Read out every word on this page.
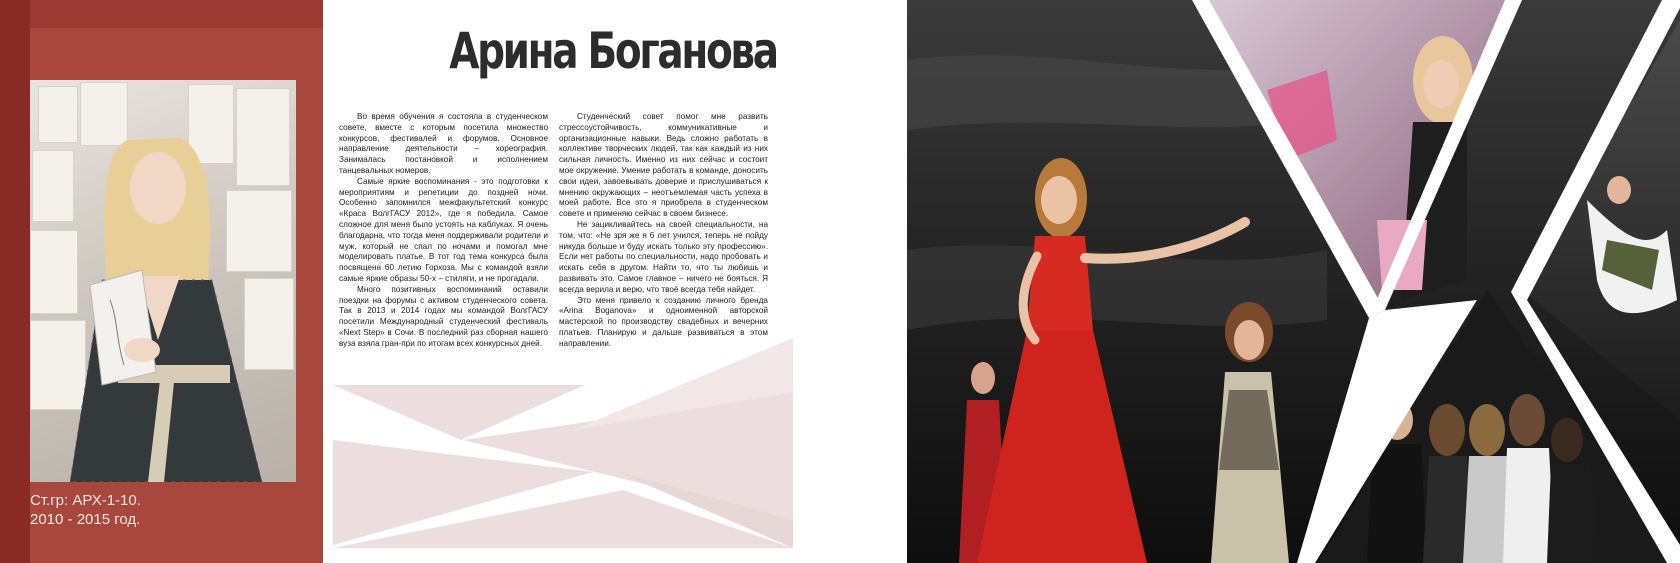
Ст.гр: АРХ-1-10.
2010 - 2015 год.
Арина Боганова

Во время обучения я состояла в студенческом совете, вместе с которым посетила множество конкурсов, фестивалей и форумов. Основное направление деятельности – хореография. Занималась постановкой и исполнением танцевальных номеров.

Самые яркие воспоминания - это подготовки к мероприятиям и репетиции до поздней ночи. Особенно запомнился межфакультетский конкурс «Краса ВолгГАСУ 2012», где я победила. Самое сложное для меня было устоять на каблуках. Я очень благодарна, что тогда меня поддерживали родители и муж, который не спал по ночами и помогал мне моделировать платье. В тот год тема конкурса была посвящена 60 летию Горхоза. Мы с командой взяли самые яркие образы 50-х – стиляги, и не прогадали.

Много позитивных воспоминаний оставили поездки на форумы с активом студенческого совета. Так в 2013 и 2014 годах мы командой ВолгГАСУ посетили Международный студенческий фестиваль «Next Step» в Сочи. В последний раз сборная нашего вуза взяла гран-при по итогам всех конкурсных дней.

Студенческий совет помог мне развить стрессоустойчивость, коммуникативные и организационные навыки. Ведь сложно работать в коллективе творческих людей, так как каждый из них сильная личность. Именно из них сейчас и состоит мое окружение. Умение работать в команде, доносить свои идеи, завоевывать доверие и прислушиваться к мнению окружающих – неотъемлемая часть успеха в моей работе. Все это я приобрела в студенческом совете и применяю сейчас в своем бизнесе.

Не зацикливайтесь на своей специальности, на том, что: «Не зря же я 6 лет учился, теперь не пойду никуда больше и буду искать только эту профессию». Если нет работы по специальности, надо пробовать и искать себя в другом. Найти то, что ты любишь и развивать это. Самое главное – ничего не бояться. Я всегда верила и верю, что твоё всегда тебя найдет.

Это меня привело к созданию личного бренда «Arina Boganova» и одноименной авторской мастерской по производству свадебных и вечерних платьев. Планирую и дальше развиваться в этом направлении.
